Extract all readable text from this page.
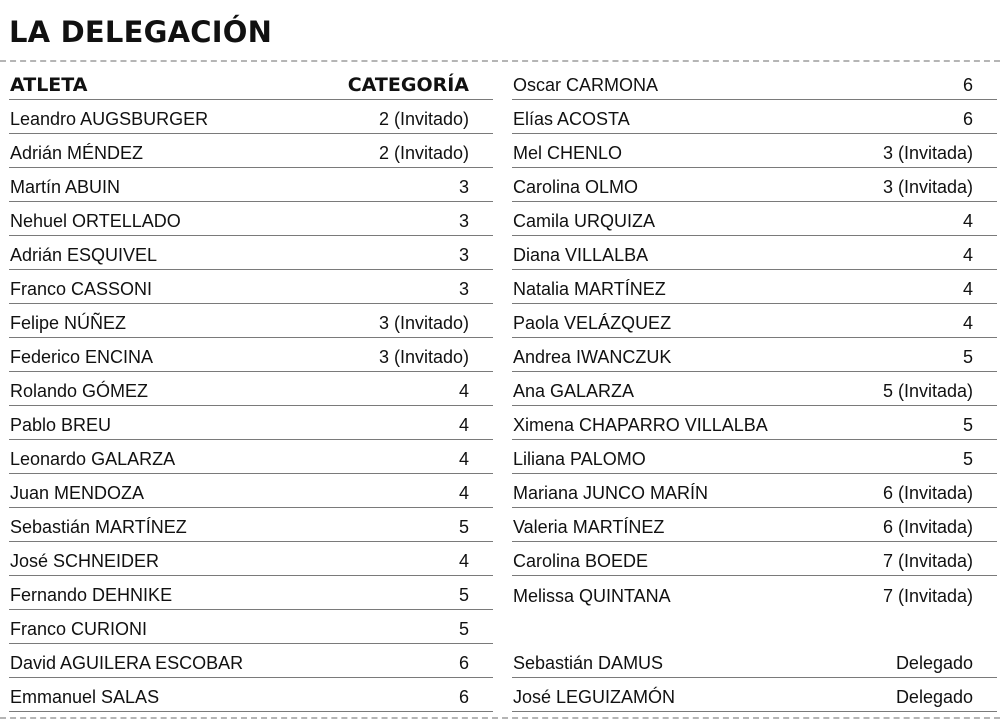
LA DELEGACIÓN
ATLETA	CATEGORÍA
Leandro AUGSBURGER	2 (Invitado)
Adrián MÉNDEZ	2 (Invitado)
Martín ABUIN	3
Nehuel ORTELLADO	3
Adrián ESQUIVEL	3
Franco CASSONI	3
Felipe NÚÑEZ	3 (Invitado)
Federico ENCINA	3 (Invitado)
Rolando GÓMEZ	4
Pablo BREU	4
Leonardo GALARZA	4
Juan MENDOZA	4
Sebastián MARTÍNEZ	5
José SCHNEIDER	4
Fernando DEHNIKE	5
Franco CURIONI	5
David AGUILERA ESCOBAR	6
Emmanuel SALAS	6
Oscar CARMONA	6
Elías ACOSTA	6
Mel CHENLO	3 (Invitada)
Carolina OLMO	3 (Invitada)
Camila URQUIZA	4
Diana VILLALBA	4
Natalia MARTÍNEZ	4
Paola VELÁZQUEZ	4
Andrea IWANCZUK	5
Ana GALARZA	5 (Invitada)
Ximena CHAPARRO VILLALBA	5
Liliana PALOMO	5
Mariana JUNCO MARÍN	6 (Invitada)
Valeria MARTÍNEZ	6 (Invitada)
Carolina BOEDE	7 (Invitada)
Melissa QUINTANA	7 (Invitada)
Sebastián DAMUS	Delegado
José LEGUIZAMÓN	Delegado
